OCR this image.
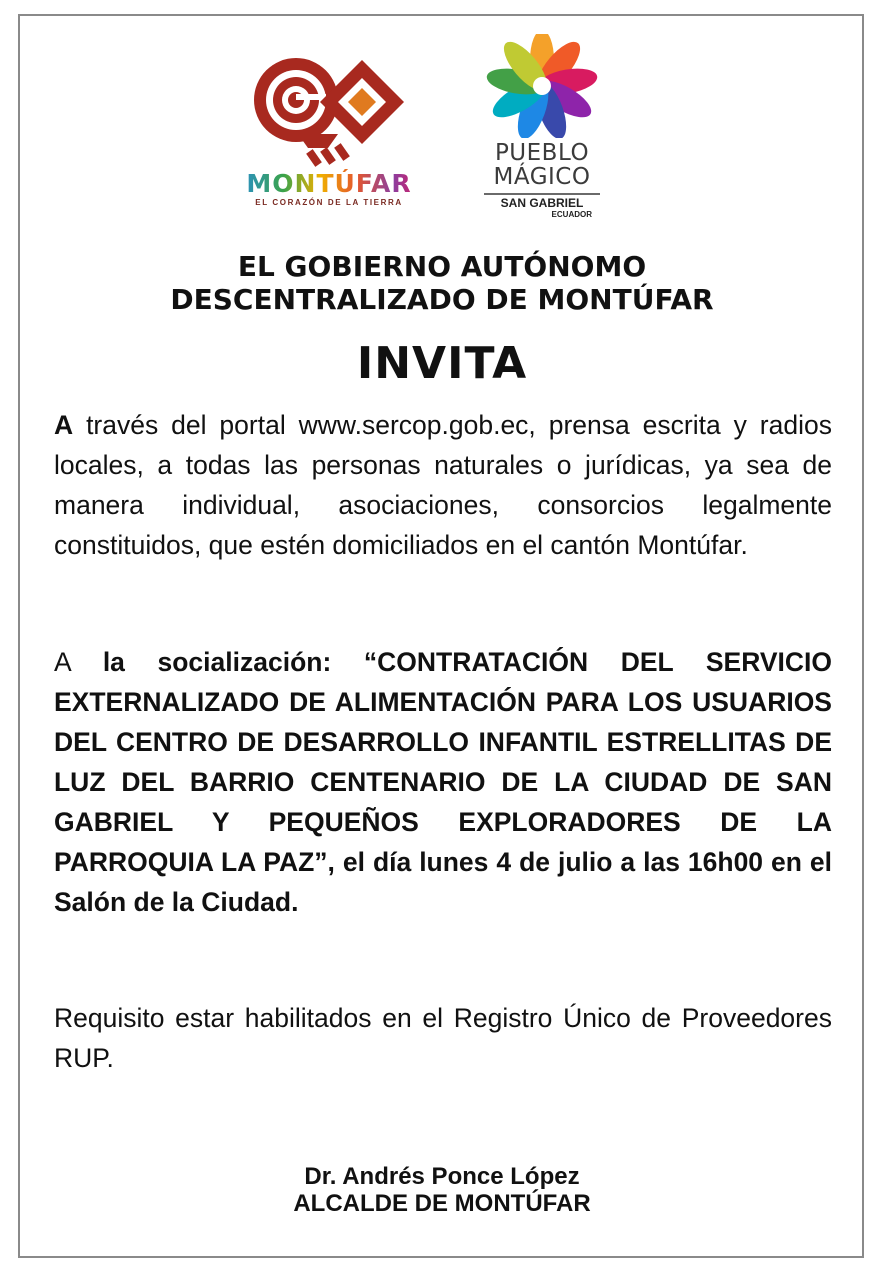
MONTÚFAR
EL CORAZÓN DE LA TIERRA
PUEBLO
MÁGICO
SAN GABRIEL
ECUADOR
EL GOBIERNO AUTÓNOMO
DESCENTRALIZADO DE MONTÚFAR
INVITA
A través del portal www.sercop.gob.ec, prensa escrita y radios locales, a todas las personas naturales o jurídicas, ya sea de manera individual, asociaciones, consorcios legalmente constituidos, que estén domiciliados en el cantón Montúfar.
A la socialización: “CONTRATACIÓN DEL SERVICIO EXTERNALIZADO DE ALIMENTACIÓN PARA LOS USUARIOS DEL CENTRO DE DESARROLLO INFANTIL ESTRELLITAS DE LUZ DEL BARRIO CENTENARIO DE LA CIUDAD DE SAN GABRIEL Y PEQUEÑOS EXPLORADORES DE LA PARROQUIA LA PAZ”, el día lunes 4 de julio a las 16h00 en el Salón de la Ciudad.
Requisito estar habilitados en el Registro Único de Proveedores RUP.
Dr. Andrés Ponce López
ALCALDE DE MONTÚFAR
